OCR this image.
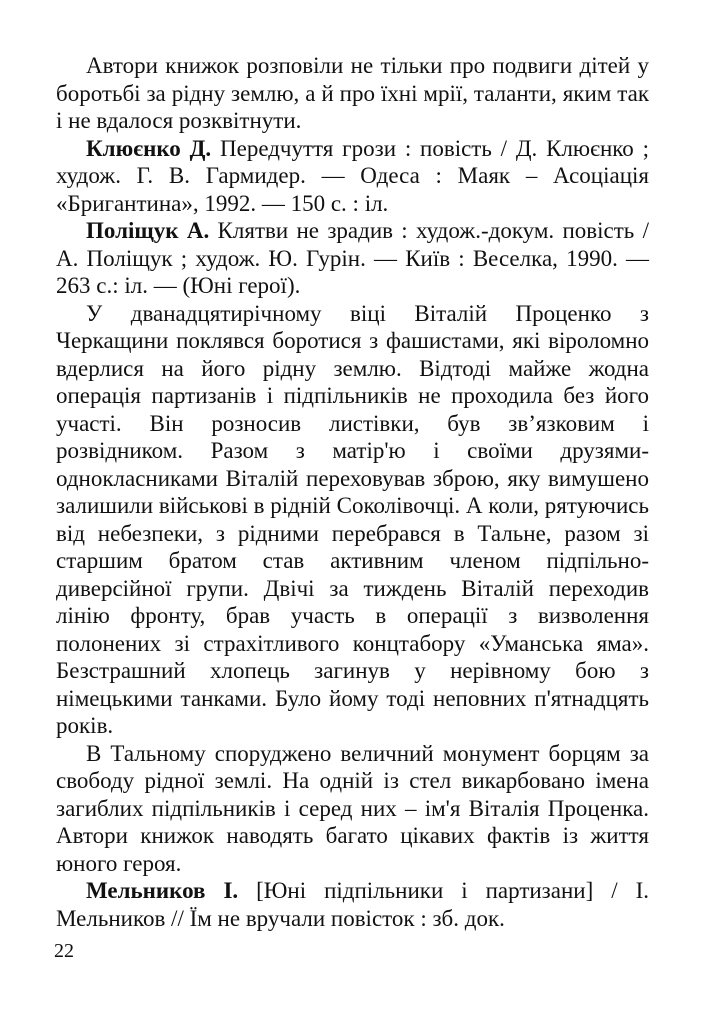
Автори книжок розповіли не тільки про подвиги дітей у боротьбі за рідну землю, а й про їхні мрії, таланти, яким так і не вдалося розквітнути.

Клюєнко Д. Передчуття грози : повість / Д. Клюєнко ; худож. Г. В. Гармидер. — Одеса : Маяк – Асоціація «Бригантина», 1992. — 150 с. : іл.

Поліщук А. Клятви не зрадив : худож.-докум. повість / А. Поліщук ; худож. Ю. Гурін. — Київ : Веселка, 1990. — 263 с.: іл. — (Юні герої).

У дванадцятирічному віці Віталій Проценко з Черкащини поклявся боротися з фашистами, які віроломно вдерлися на його рідну землю. Відтоді майже жодна операція партизанів і підпільників не проходила без його участі. Він розносив листівки, був зв’язковим і розвідником. Разом з матір'ю і своїми друзями-однокласниками Віталій переховував зброю, яку вимушено залишили військові в рідній Соколівочці. А коли, рятуючись від небезпеки, з рідними перебрався в Тальне, разом зі старшим братом став активним членом підпільно-диверсійної групи. Двічі за тиждень Віталій переходив лінію фронту, брав участь в операції з визволення полонених зі страхітливого концтабору «Уманська яма». Безстрашний хлопець загинув у нерівному бою з німецькими танками. Було йому тоді неповних п'ятнадцять років.

В Тальному споруджено величний монумент борцям за свободу рідної землі. На одній із стел викарбовано імена загиблих підпільників і серед них – ім'я Віталія Проценка. Автори книжок наводять багато цікавих фактів із життя юного героя.

Мельников І. [Юні підпільники і партизани] / І. Мельников // Їм не вручали повісток : зб. док.

22
